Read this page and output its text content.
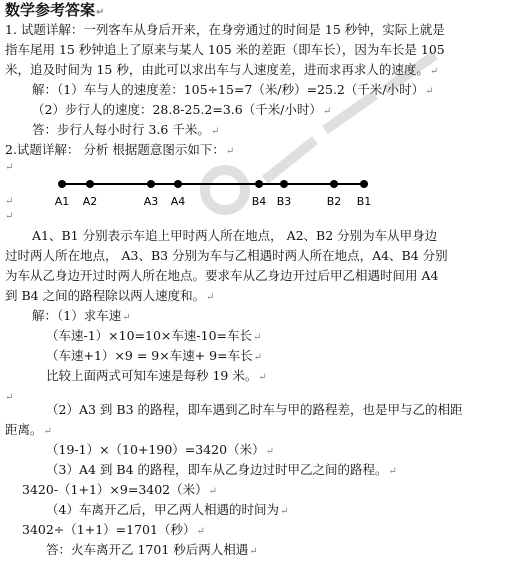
数学参考答案↵
1. 试题详解：一列客车从身后开来，在身旁通过的时间是 15 秒钟，实际上就是
指车尾用 15 秒钟追上了原来与某人 105 米的差距（即车长），因为车长是 105
米，追及时间为 15 秒，由此可以求出车与人速度差，进而求再求人的速度。↵
解：（1）车与人的速度差：105÷15=7（米/秒）=25.2（千米/小时）↵
（2）步行人的速度：28.8-25.2=3.6（千米/小时）↵
答：步行人每小时行 3.6 千米。↵
2.试题详解： 分析 根据题意图示如下：↵
↵
A1 A2	A3 A4	B4 B3	B2 B1
↵
↵
A1、B1 分别表示车追上甲时两人所在地点， A2、B2 分别为车从甲身边
过时两人所在地点， A3、B3 分别为车与乙相遇时两人所在地点，A4、B4 分别
为车从乙身边开过时两人所在地点。要求车从乙身边开过后甲乙相遇时间用 A4
到 B4 之间的路程除以两人速度和。↵
解：（1）求车速↵
（车速-1）×10=10×车速-10=车长↵
（车速+1）×9 = 9×车速+ 9=车长↵
比较上面两式可知车速是每秒 19 米。↵
↵
（2）A3 到 B3 的路程，即车遇到乙时车与甲的路程差，也是甲与乙的相距
距离。↵
（19-1）×（10+190）=3420（米）↵
（3）A4 到 B4 的路程，即车从乙身边过时甲乙之间的路程。↵
3420-（1+1）×9=3402（米）↵
（4）车离开乙后，甲乙两人相遇的时间为↵
3402÷（1+1）=1701（秒）↵
答：火车离开乙 1701 秒后两人相遇↵
